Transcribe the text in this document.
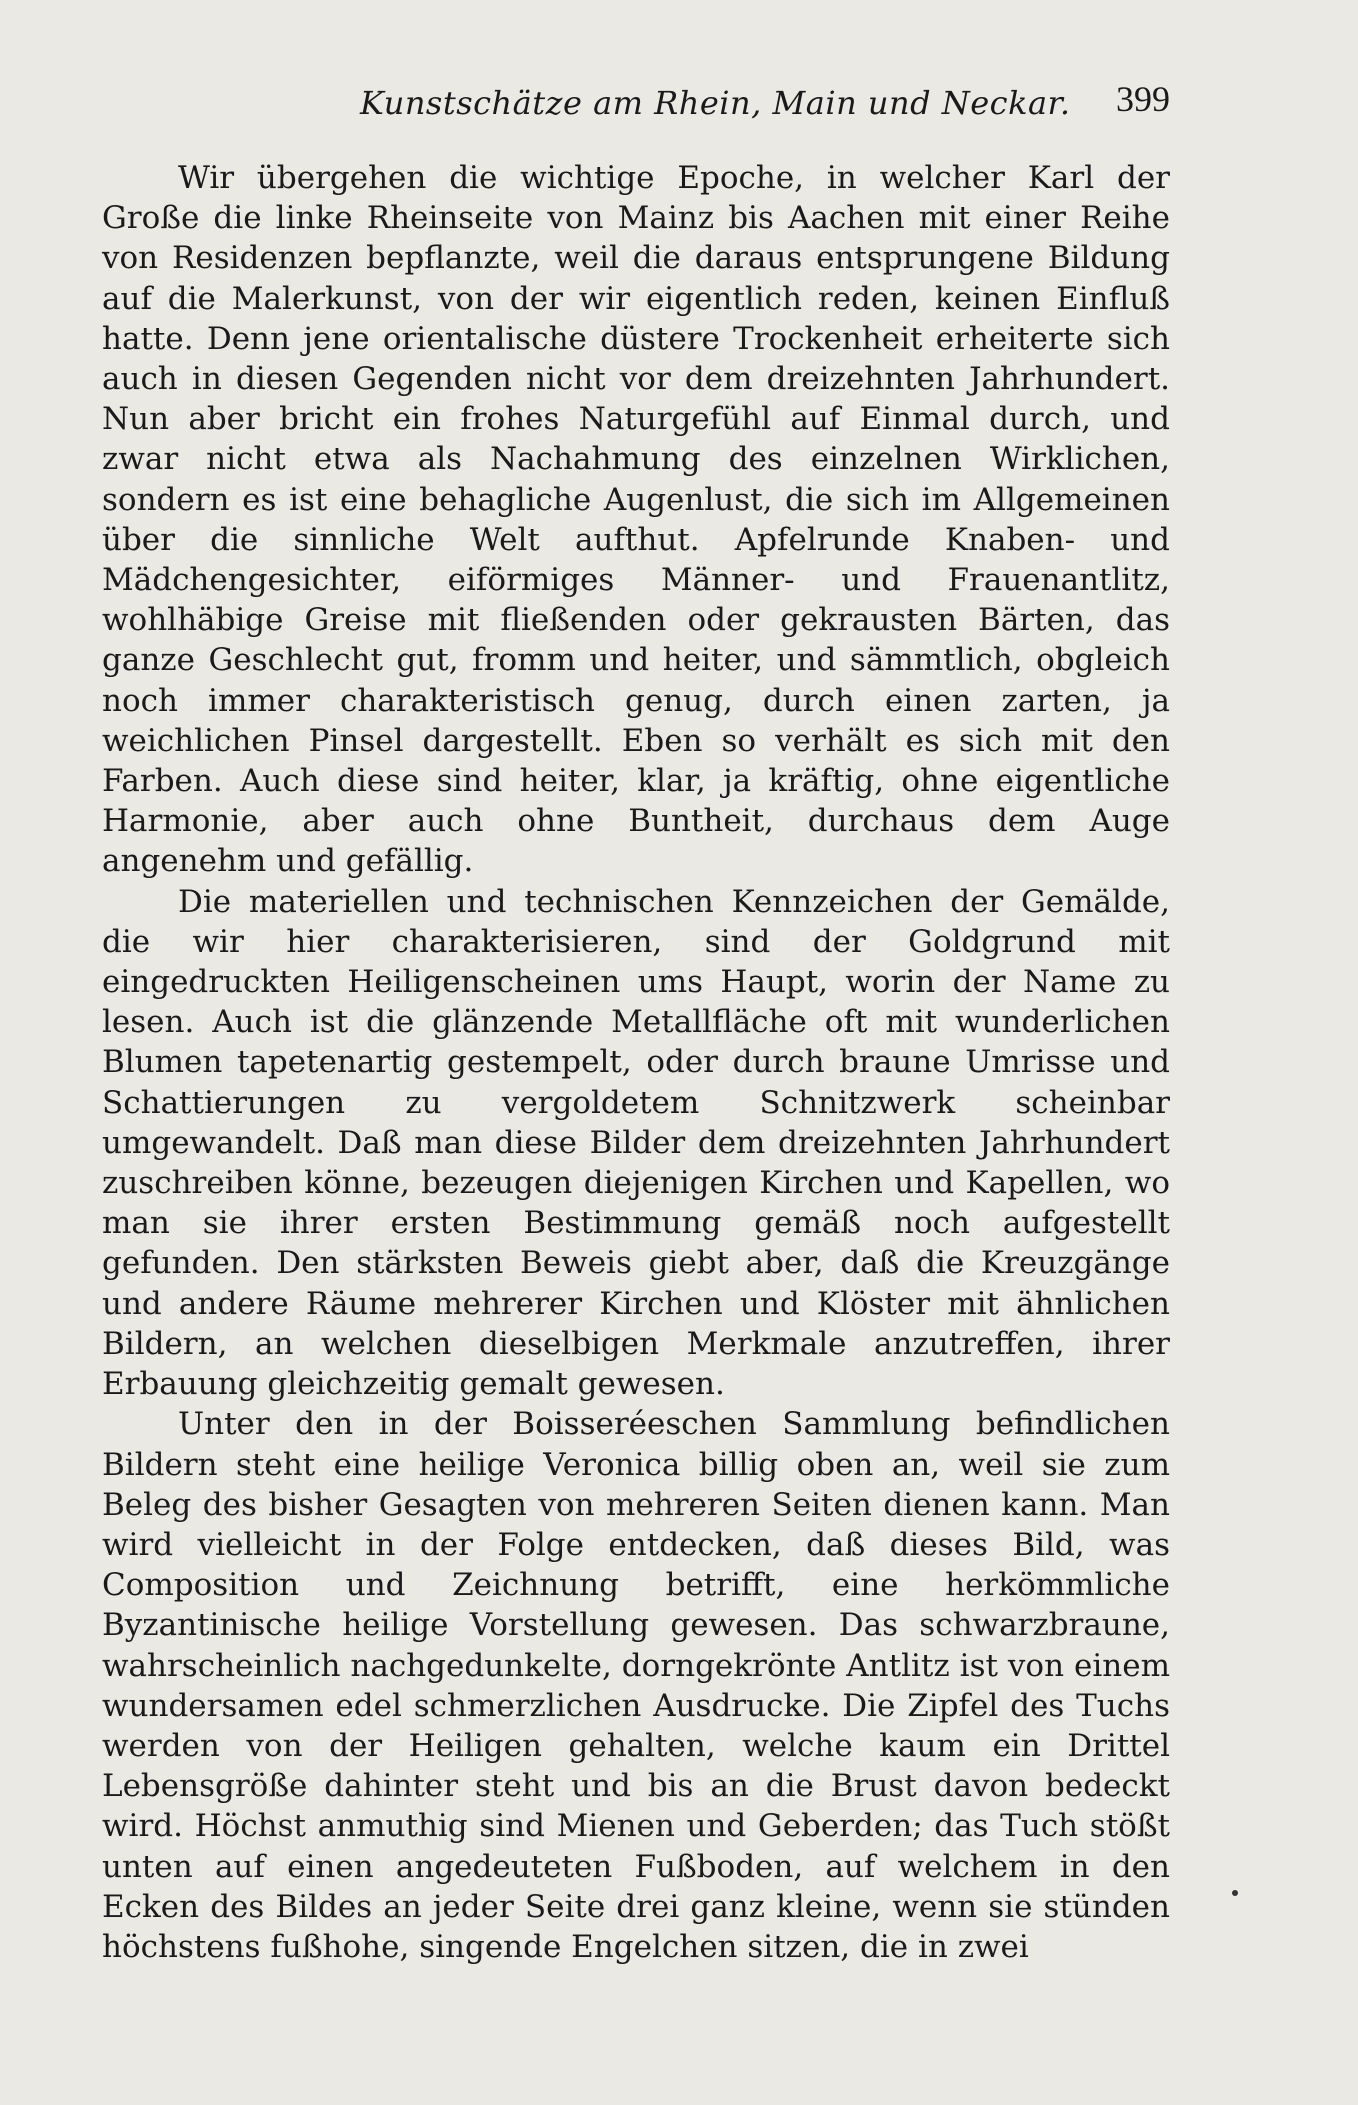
Kunstschätze am Rhein, Main und Neckar. 399

Wir übergehen die wichtige Epoche, in welcher Karl der Große die linke Rheinseite von Mainz bis Aachen mit einer Reihe von Residenzen bepflanzte, weil die daraus entsprungene Bildung auf die Malerkunst, von der wir eigentlich reden, keinen Einfluß hatte. Denn jene orientalische düstere Trockenheit erheiterte sich auch in diesen Gegenden nicht vor dem dreizehnten Jahrhundert. Nun aber bricht ein frohes Naturgefühl auf Einmal durch, und zwar nicht etwa als Nachahmung des einzelnen Wirklichen, sondern es ist eine behagliche Augenlust, die sich im Allgemeinen über die sinnliche Welt aufthut. Apfelrunde Knaben- und Mädchengesichter, eiförmiges Männer- und Frauenantlitz, wohlhäbige Greise mit fließenden oder gekrausten Bärten, das ganze Geschlecht gut, fromm und heiter, und sämmtlich, obgleich noch immer charakteristisch genug, durch einen zarten, ja weichlichen Pinsel dargestellt. Eben so verhält es sich mit den Farben. Auch diese sind heiter, klar, ja kräftig, ohne eigentliche Harmonie, aber auch ohne Buntheit, durchaus dem Auge angenehm und gefällig.

Die materiellen und technischen Kennzeichen der Gemälde, die wir hier charakterisieren, sind der Goldgrund mit eingedruckten Heiligenscheinen ums Haupt, worin der Name zu lesen. Auch ist die glänzende Metallfläche oft mit wunderlichen Blumen tapetenartig gestempelt, oder durch braune Umrisse und Schattierungen zu vergoldetem Schnitzwerk scheinbar umgewandelt. Daß man diese Bilder dem dreizehnten Jahrhundert zuschreiben könne, bezeugen diejenigen Kirchen und Kapellen, wo man sie ihrer ersten Bestimmung gemäß noch aufgestellt gefunden. Den stärksten Beweis giebt aber, daß die Kreuzgänge und andere Räume mehrerer Kirchen und Klöster mit ähnlichen Bildern, an welchen dieselbigen Merkmale anzutreffen, ihrer Erbauung gleichzeitig gemalt gewesen.

Unter den in der Boisseréeschen Sammlung befindlichen Bildern steht eine heilige Veronica billig oben an, weil sie zum Beleg des bisher Gesagten von mehreren Seiten dienen kann. Man wird vielleicht in der Folge entdecken, daß dieses Bild, was Composition und Zeichnung betrifft, eine herkömmliche Byzantinische heilige Vorstellung gewesen. Das schwarzbraune, wahrscheinlich nachgedunkelte, dorngekrönte Antlitz ist von einem wundersamen edel schmerzlichen Ausdrucke. Die Zipfel des Tuchs werden von der Heiligen gehalten, welche kaum ein Drittel Lebensgröße dahinter steht und bis an die Brust davon bedeckt wird. Höchst anmuthig sind Mienen und Geberden; das Tuch stößt unten auf einen angedeuteten Fußboden, auf welchem in den Ecken des Bildes an jeder Seite drei ganz kleine, wenn sie stünden höchstens fußhohe, singende Engelchen sitzen, die in zwei
